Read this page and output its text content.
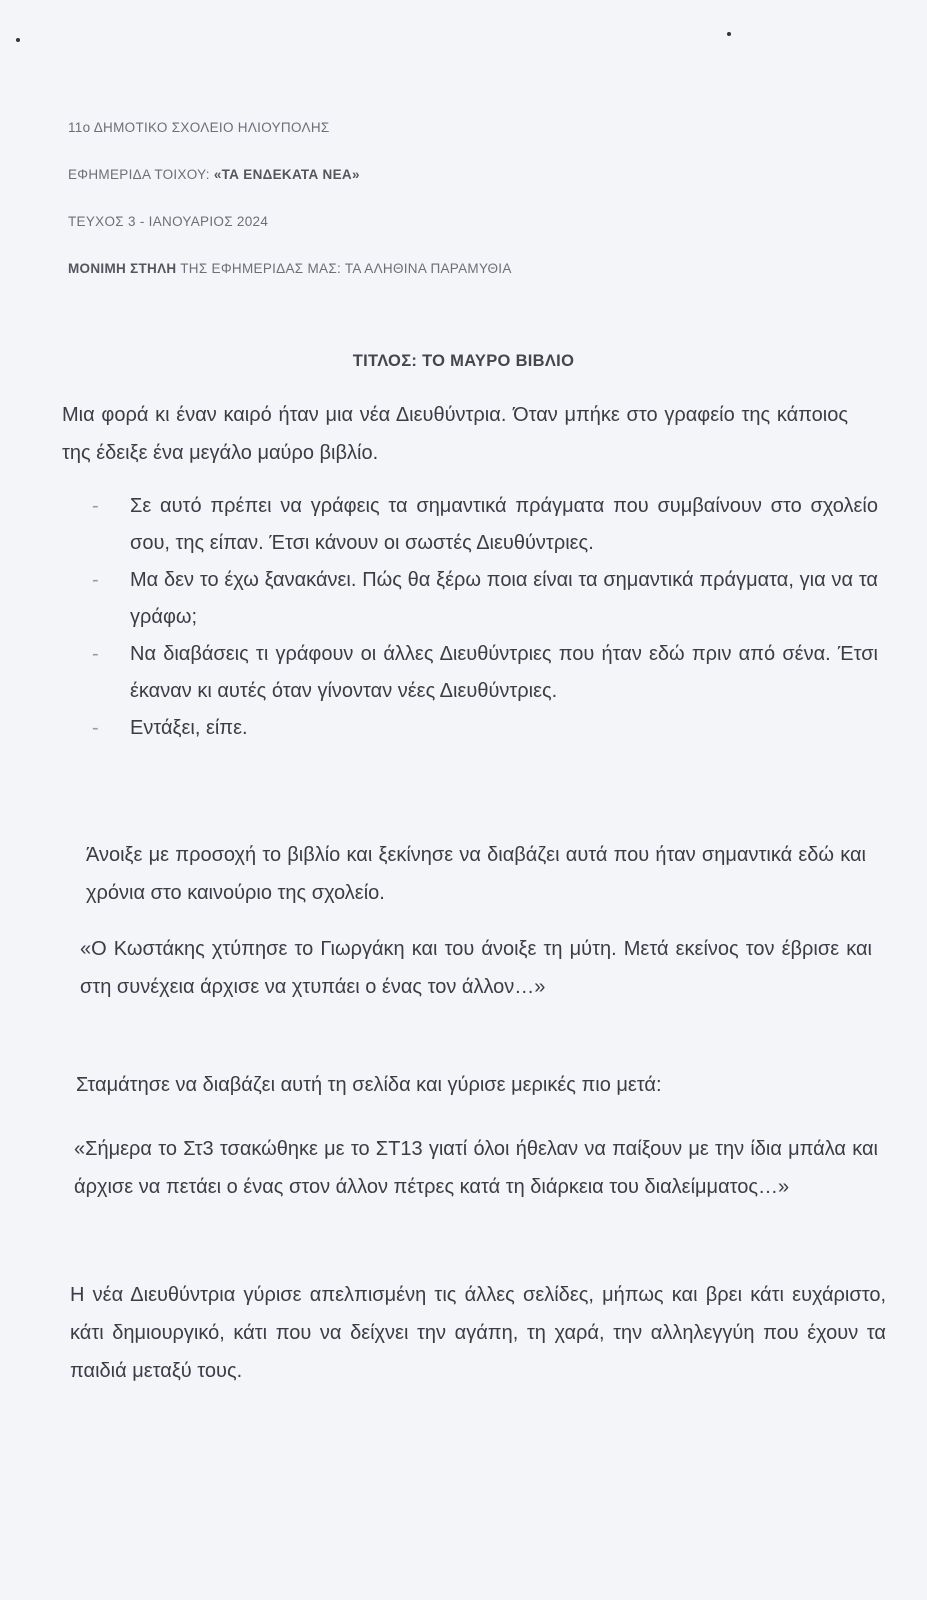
11ο ΔΗΜΟΤΙΚΟ ΣΧΟΛΕΙΟ ΗΛΙΟΥΠΟΛΗΣ
ΕΦΗΜΕΡΙΔΑ ΤΟΙΧΟΥ: «ΤΑ ΕΝΔΕΚΑΤΑ ΝΕΑ»
ΤΕΥΧΟΣ 3 - ΙΑΝΟΥΑΡΙΟΣ 2024
ΜΟΝΙΜΗ ΣΤΗΛΗ ΤΗΣ ΕΦΗΜΕΡΙΔΑΣ ΜΑΣ: ΤΑ ΑΛΗΘΙΝΑ ΠΑΡΑΜΥΘΙΑ
ΤΙΤΛΟΣ: ΤΟ ΜΑΥΡΟ ΒΙΒΛΙΟ
Μια φορά κι έναν καιρό ήταν μια νέα Διευθύντρια. Όταν μπήκε στο γραφείο της κάποιος της έδειξε ένα μεγάλο μαύρο βιβλίο.
- Σε αυτό πρέπει να γράφεις τα σημαντικά πράγματα που συμβαίνουν στο σχολείο σου, της είπαν. Έτσι κάνουν οι σωστές Διευθύντριες.
- Μα δεν το έχω ξανακάνει. Πώς θα ξέρω ποια είναι τα σημαντικά πράγματα, για να τα γράφω;
- Να διαβάσεις τι γράφουν οι άλλες Διευθύντριες που ήταν εδώ πριν από σένα. Έτσι έκαναν κι αυτές όταν γίνονταν νέες Διευθύντριες.
- Εντάξει, είπε.
Άνοιξε με προσοχή το βιβλίο και ξεκίνησε να διαβάζει αυτά που ήταν σημαντικά εδώ και χρόνια στο καινούριο της σχολείο.
«Ο Κωστάκης χτύπησε το Γιωργάκη και του άνοιξε τη μύτη. Μετά εκείνος τον έβρισε και στη συνέχεια άρχισε να χτυπάει ο ένας τον άλλον…»
Σταμάτησε να διαβάζει αυτή τη σελίδα και γύρισε μερικές πιο μετά:
«Σήμερα το Στ3 τσακώθηκε με το ΣΤ13 γιατί όλοι ήθελαν να παίξουν με την ίδια μπάλα και άρχισε να πετάει ο ένας στον άλλον πέτρες κατά τη διάρκεια του διαλείμματος…»
Η νέα Διευθύντρια γύρισε απελπισμένη τις άλλες σελίδες, μήπως και βρει κάτι ευχάριστο, κάτι δημιουργικό, κάτι που να δείχνει την αγάπη, τη χαρά, την αλληλεγγύη που έχουν τα παιδιά μεταξύ τους.
